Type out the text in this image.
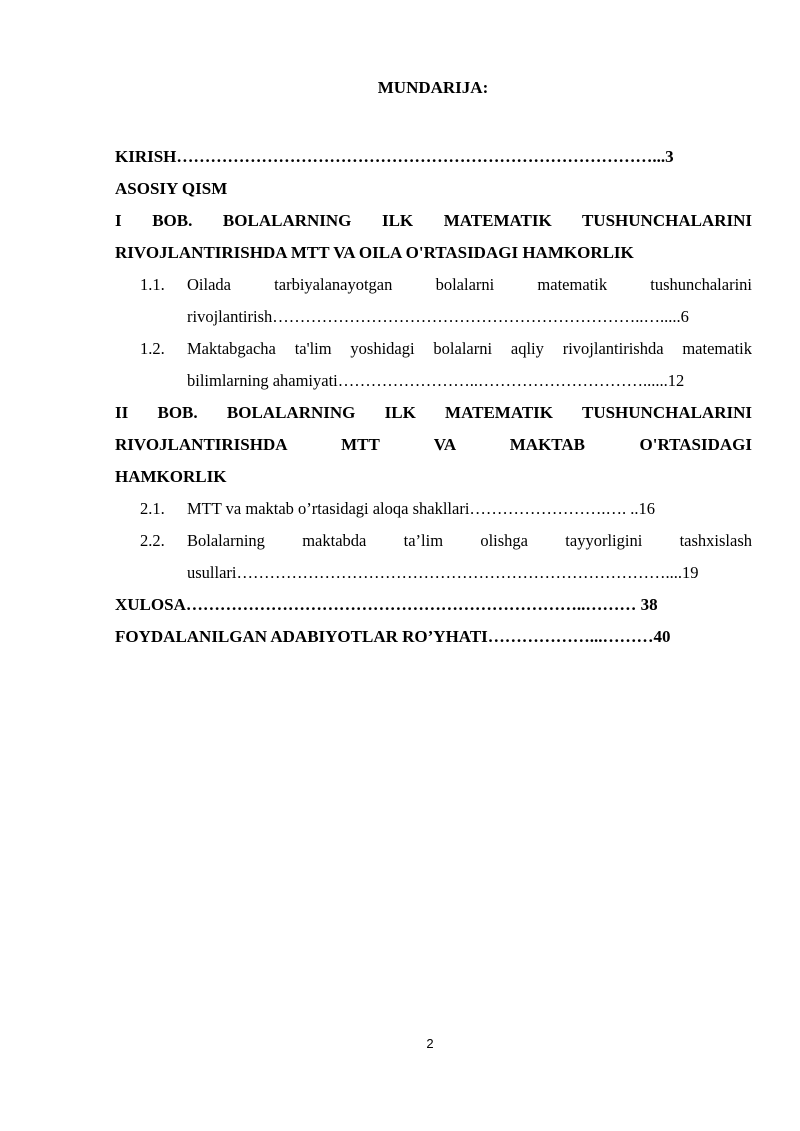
MUNDARIJA:
KIRISH…………………………………………………………………………...3
ASOSIY QISM
I BOB. BOLALARNING ILK MATEMATIK TUSHUNCHALARINI
RIVOJLANTIRISHDA MTT VA OILA O'RTASIDAGI HAMKORLIK
1.1. Oilada tarbiyalanayotgan bolalarni matematik tushunchalarini
rivojlantirish…………………………………………………………..….....6
1.2. Maktabgacha ta'lim yoshidagi bolalarni aqliy rivojlantirishda matematik
bilimlarning ahamiyati……………………..…………………………......12
II BOB. BOLALARNING ILK MATEMATIK TUSHUNCHALARINI
RIVOJLANTIRISHDA MTT VA MAKTAB O'RTASIDAGI
HAMKORLIK
2.1. MTT va maktab o’rtasidagi aloqa shakllari…………………….…. ..16
2.2. Bolalarning maktabda ta’lim olishga tayyorligini tashxislash
usullari……………………………………………………………………....19
XULOSA……………………………………………………………..……… 38
FOYDALANILGAN ADABIYOTLAR RO’YHATI………………...………40
2
